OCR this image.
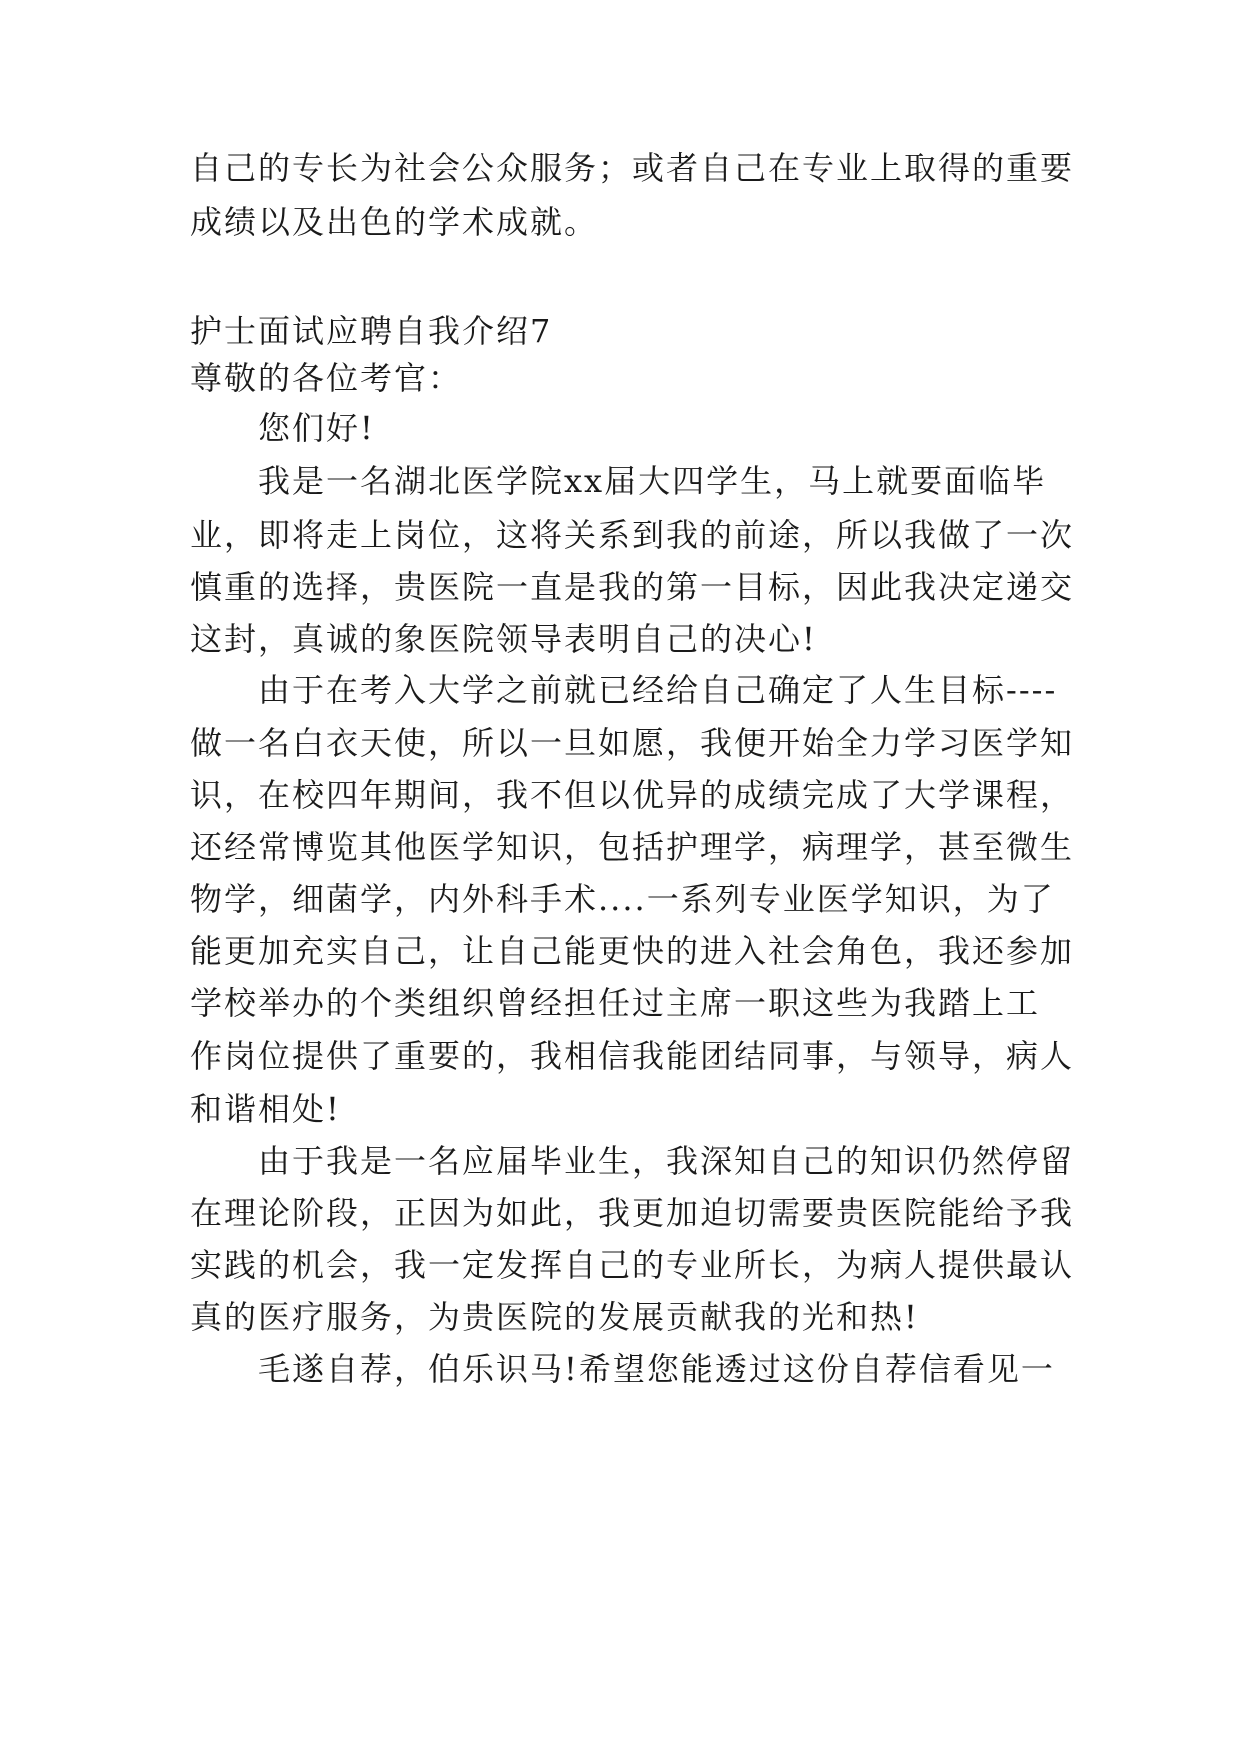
自己的专长为社会公众服务；或者自己在专业上取得的重要
成绩以及出色的学术成就。
护士面试应聘自我介绍7
尊敬的各位考官：
您们好!
我是一名湖北医学院xx届大四学生，马上就要面临毕
业，即将走上岗位，这将关系到我的前途，所以我做了一次
慎重的选择，贵医院一直是我的第一目标，因此我决定递交
这封，真诚的象医院领导表明自己的决心!
由于在考入大学之前就已经给自己确定了人生目标----
做一名白衣天使，所以一旦如愿，我便开始全力学习医学知
识，在校四年期间，我不但以优异的成绩完成了大学课程，
还经常博览其他医学知识，包括护理学，病理学，甚至微生
物学，细菌学，内外科手术....一系列专业医学知识，为了
能更加充实自己，让自己能更快的进入社会角色，我还参加
学校举办的个类组织曾经担任过主席一职这些为我踏上工
作岗位提供了重要的，我相信我能团结同事，与领导，病人
和谐相处!
由于我是一名应届毕业生，我深知自己的知识仍然停留
在理论阶段，正因为如此，我更加迫切需要贵医院能给予我
实践的机会，我一定发挥自己的专业所长，为病人提供最认
真的医疗服务，为贵医院的发展贡献我的光和热!
毛遂自荐，伯乐识马!希望您能透过这份自荐信看见一
